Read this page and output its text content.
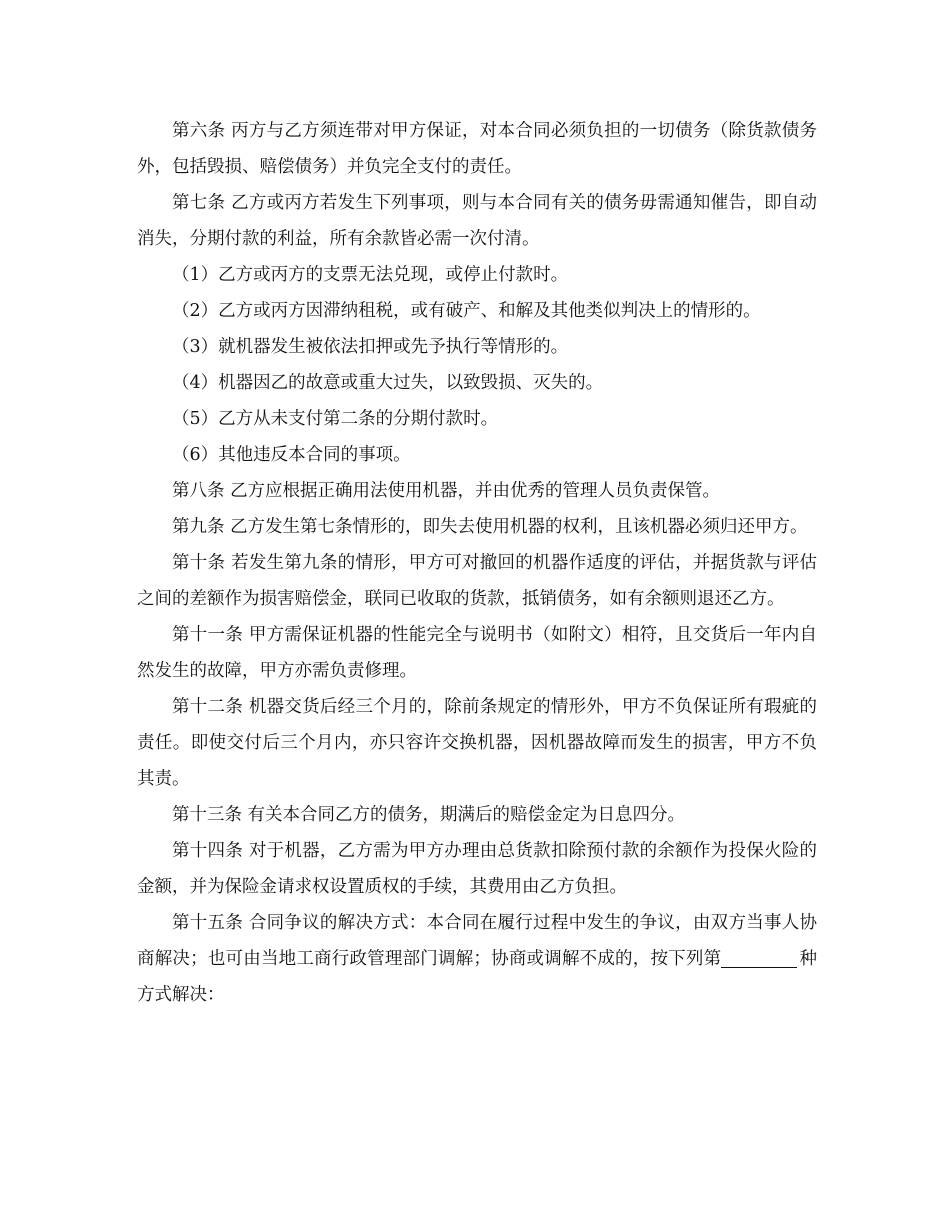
第六条 丙方与乙方须连带对甲方保证，对本合同必须负担的一切债务（除货款债务外，包括毁损、赔偿债务）并负完全支付的责任。

第七条 乙方或丙方若发生下列事项，则与本合同有关的债务毋需通知催告，即自动消失，分期付款的利益，所有余款皆必需一次付清。

（1）乙方或丙方的支票无法兑现，或停止付款时。

（2）乙方或丙方因滞纳租税，或有破产、和解及其他类似判决上的情形的。

（3）就机器发生被依法扣押或先予执行等情形的。

（4）机器因乙的故意或重大过失，以致毁损、灭失的。

（5）乙方从未支付第二条的分期付款时。

（6）其他违反本合同的事项。

第八条 乙方应根据正确用法使用机器，并由优秀的管理人员负责保管。

第九条 乙方发生第七条情形的，即失去使用机器的权利，且该机器必须归还甲方。

第十条 若发生第九条的情形，甲方可对撤回的机器作适度的评估，并据货款与评估之间的差额作为损害赔偿金，联同已收取的货款，抵销债务，如有余额则退还乙方。

第十一条 甲方需保证机器的性能完全与说明书（如附文）相符，且交货后一年内自然发生的故障，甲方亦需负责修理。

第十二条 机器交货后经三个月的，除前条规定的情形外，甲方不负保证所有瑕疵的责任。即使交付后三个月内，亦只容许交换机器，因机器故障而发生的损害，甲方不负其责。

第十三条 有关本合同乙方的债务，期满后的赔偿金定为日息四分。

第十四条 对于机器，乙方需为甲方办理由总货款扣除预付款的余额作为投保火险的金额，并为保险金请求权设置质权的手续，其费用由乙方负担。

第十五条 合同争议的解决方式：本合同在履行过程中发生的争议，由双方当事人协商解决；也可由当地工商行政管理部门调解；协商或调解不成的，按下列第	种方式解决：
